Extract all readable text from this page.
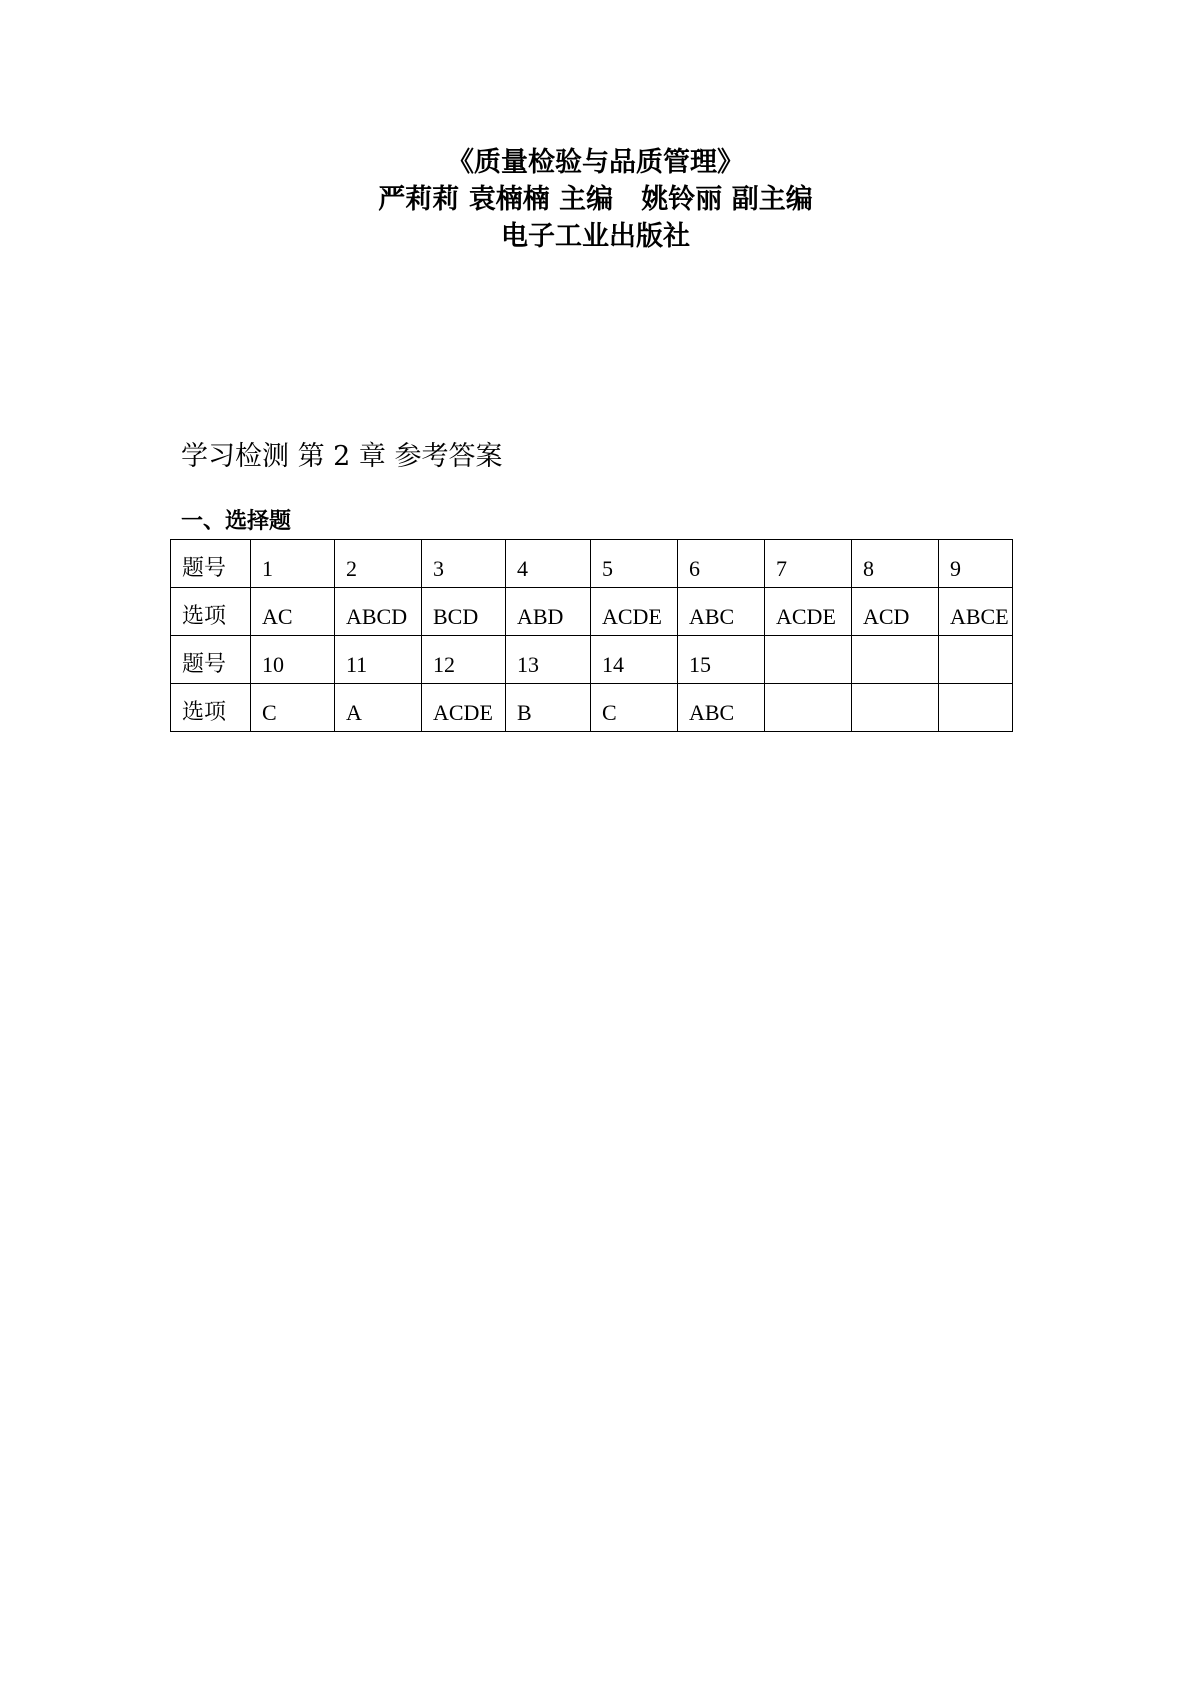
《质量检验与品质管理》

严莉莉 袁楠楠 主编   姚铃丽 副主编

电子工业出版社

学习检测 第 2 章 参考答案

一、选择题

题号	1	2	3	4	5	6	7	8	9
选项	AC	ABCD	BCD	ABD	ACDE	ABC	ACDE	ACD	ABCE
题号	10	11	12	13	14	15			
选项	C	A	ACDE	B	C	ABC			
